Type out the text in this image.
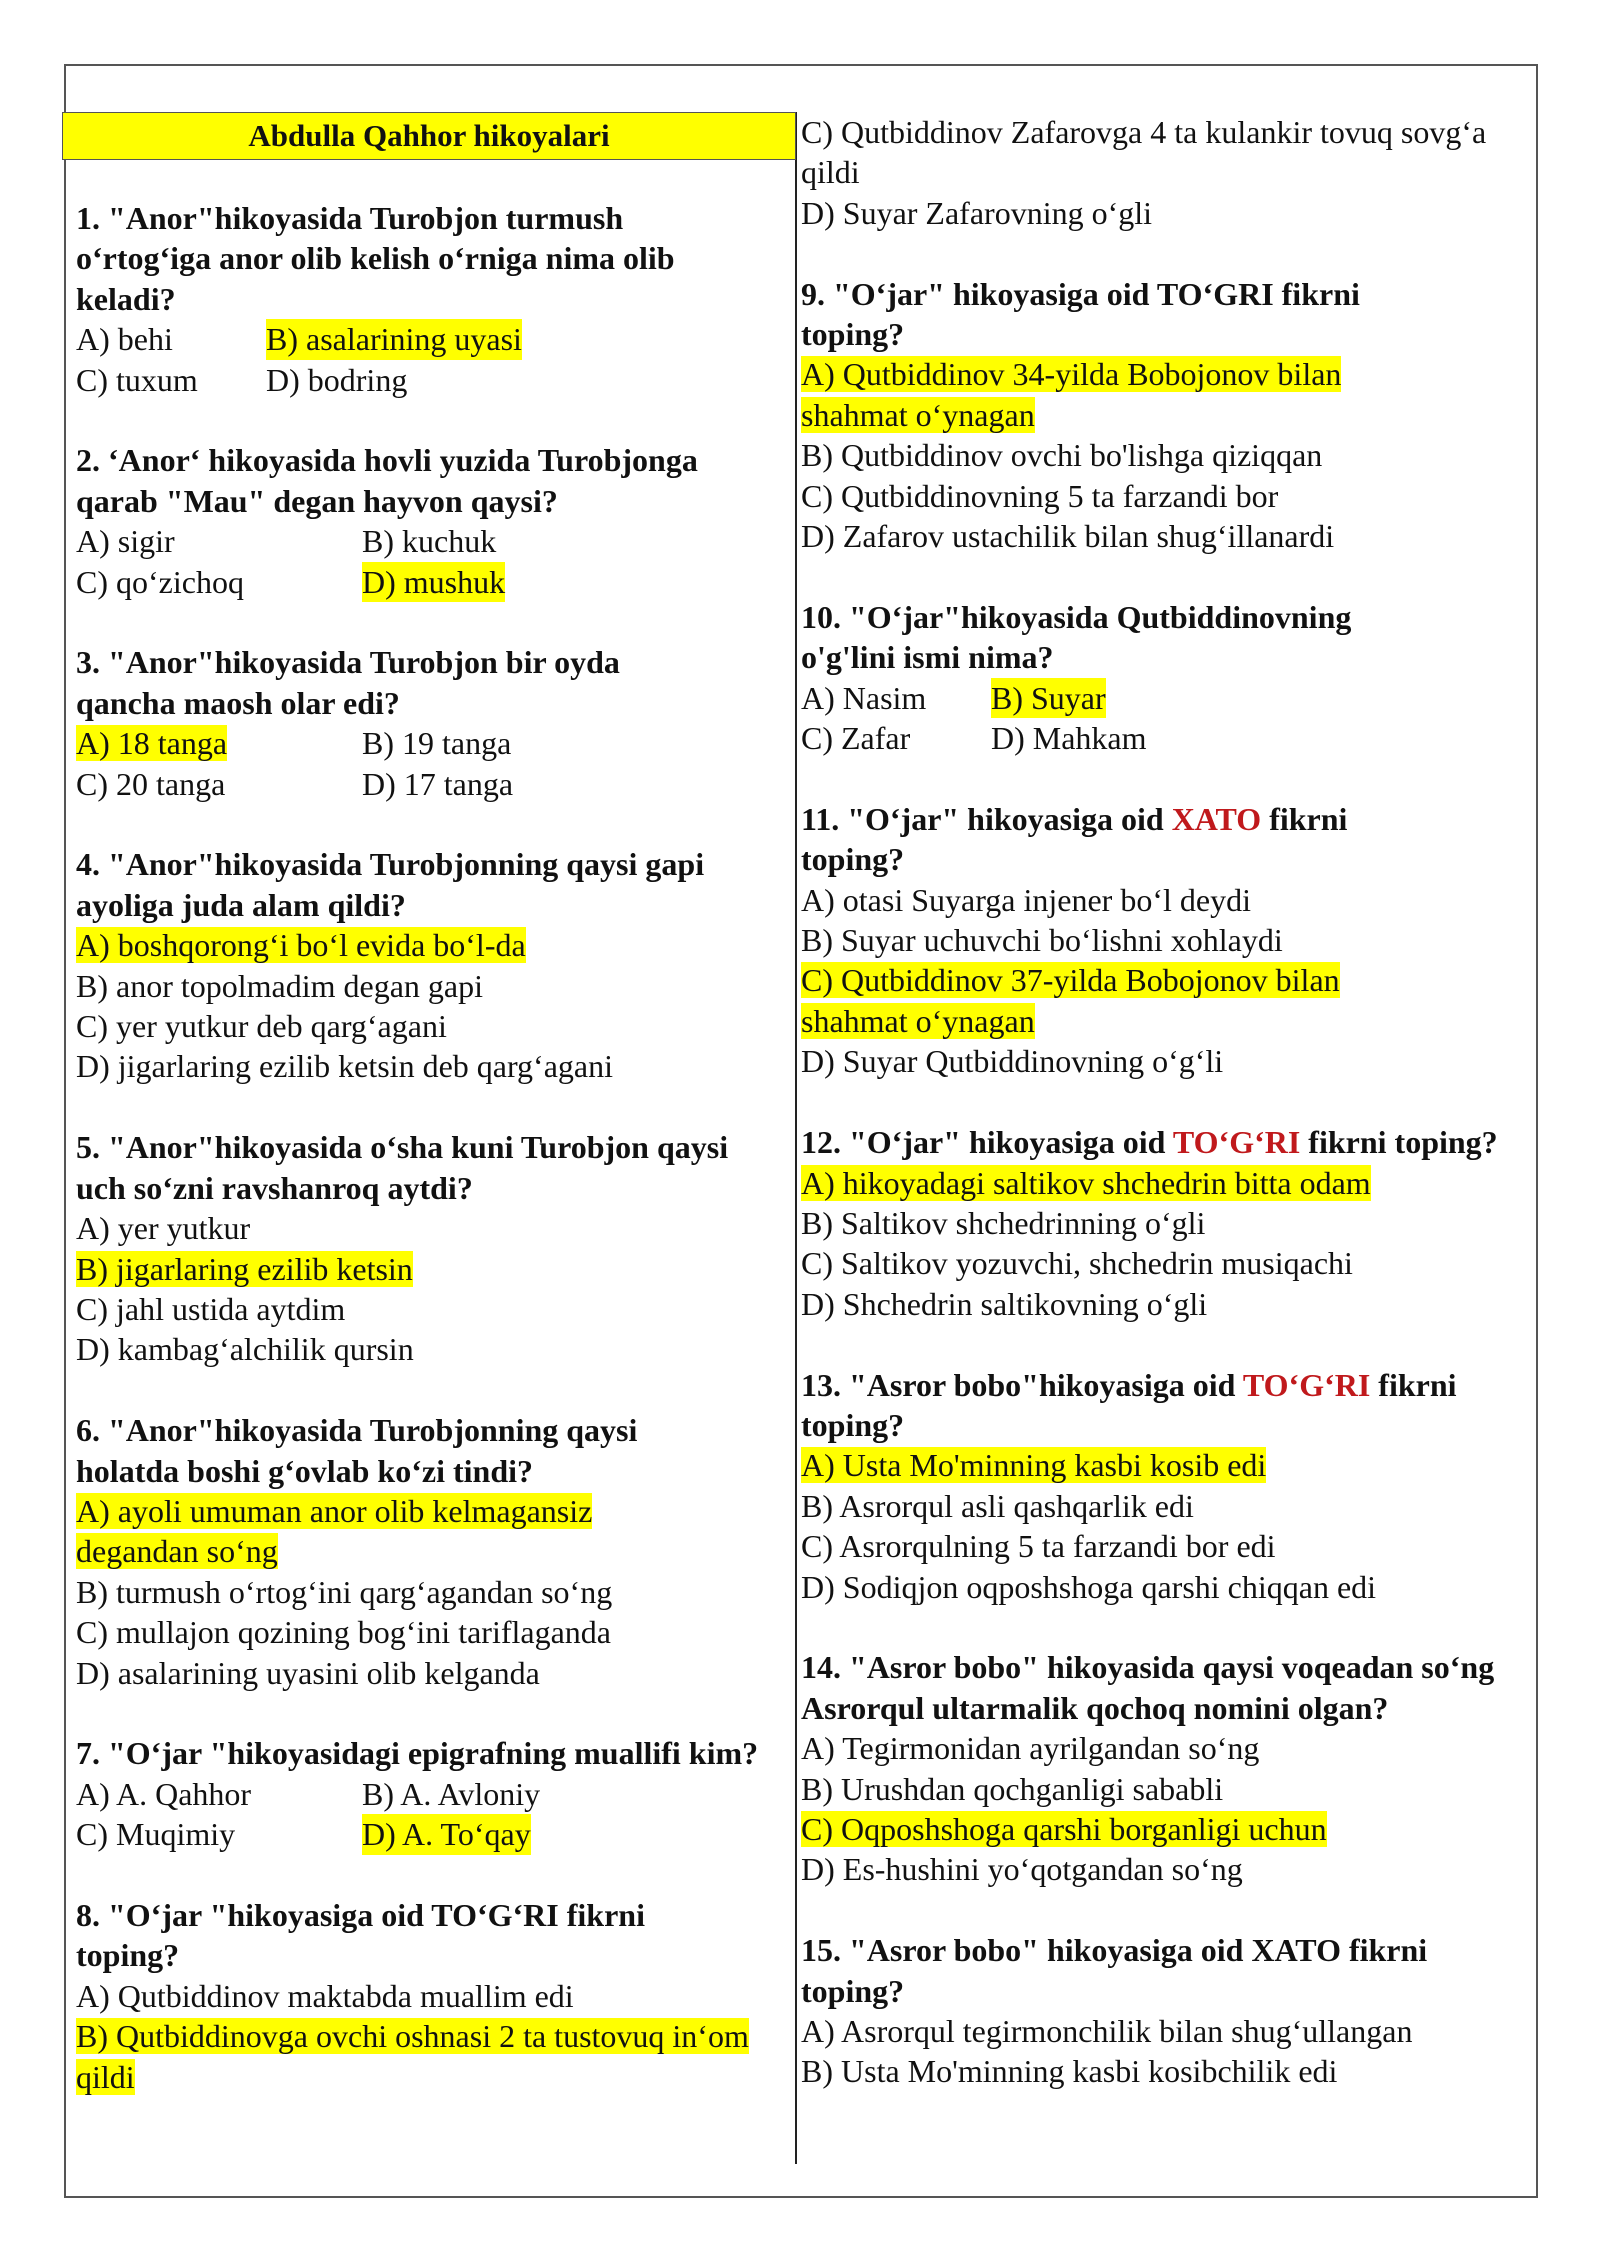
Abdulla Qahhor hikoyalari
1. "Anor"hikoyasida Turobjon turmush o‘rtog‘iga anor olib kelish o‘rniga nima olib keladi?
A) behi	B) asalarining uyasi
C) tuxum D) bodring
2. ‘Anor‘ hikoyasida hovli yuzida Turobjonga qarab "Mau" degan hayvon qaysi?
A) sigir	B) kuchuk
C) qo‘zichoq	D) mushuk
3. "Anor"hikoyasida Turobjon bir oyda qancha maosh olar edi?
A) 18 tanga	B) 19 tanga
C) 20 tanga	D) 17 tanga
4. "Anor"hikoyasida Turobjonning qaysi gapi ayoliga juda alam qildi?
A) boshqorong‘i bo‘l evida bo‘l-da
B) anor topolmadim degan gapi
C) yer yutkur deb qarg‘agani
D) jigarlaring ezilib ketsin deb qarg‘agani
5. "Anor"hikoyasida o‘sha kuni Turobjon qaysi uch so‘zni ravshanroq aytdi?
A) yer yutkur
B) jigarlaring ezilib ketsin
C) jahl ustida aytdim
D) kambag‘alchilik qursin
6. "Anor"hikoyasida Turobjonning qaysi holatda boshi g‘ovlab ko‘zi tindi?
A) ayoli umuman anor olib kelmagansiz degandan so‘ng
B) turmush o‘rtog‘ini qarg‘agandan so‘ng
C) mullajon qozining bog‘ini tariflaganda
D) asalarining uyasini olib kelganda
7. "O‘jar "hikoyasidagi epigrafning muallifi kim?
A) A. Qahhor	B) A. Avloniy
C) Muqimiy	D) A. To‘qay
8. "O‘jar "hikoyasiga oid TO‘G‘RI fikrni toping?
A) Qutbiddinov maktabda muallim edi
B) Qutbiddinovga ovchi oshnasi 2 ta tustovuq in‘om qildi
C) Qutbiddinov Zafarovga 4 ta kulankir tovuq sovg‘a qildi
D) Suyar Zafarovning o‘gli
9. "O‘jar" hikoyasiga oid TO‘GRI fikrni toping?
A) Qutbiddinov 34-yilda Bobojonov bilan shahmat o‘ynagan
B) Qutbiddinov ovchi bo'lishga qiziqqan
C) Qutbiddinovning 5 ta farzandi bor
D) Zafarov ustachilik bilan shug‘illanardi
10. "O‘jar"hikoyasida Qutbiddinovning o'g'lini ismi nima?
A) Nasim B) Suyar
C) Zafar	D) Mahkam
11. "O‘jar" hikoyasiga oid XATO fikrni toping?
A) otasi Suyarga injener bo‘l deydi
B) Suyar uchuvchi bo‘lishni xohlaydi
C) Qutbiddinov 37-yilda Bobojonov bilan shahmat o‘ynagan
D) Suyar Qutbiddinovning o‘g‘li
12. "O‘jar" hikoyasiga oid TO‘G‘RI fikrni toping?
A) hikoyadagi saltikov shchedrin bitta odam
B) Saltikov shchedrinning o‘gli
C) Saltikov yozuvchi, shchedrin musiqachi
D) Shchedrin saltikovning o‘gli
13. "Asror bobo"hikoyasiga oid TO‘G‘RI fikrni toping?
A) Usta Mo'minning kasbi kosib edi
B) Asrorqul asli qashqarlik edi
C) Asrorqulning 5 ta farzandi bor edi
D) Sodiqjon oqposhshoga qarshi chiqqan edi
14. "Asror bobo" hikoyasida qaysi voqeadan so‘ng Asrorqul ultarmalik qochoq nomini olgan?
A) Tegirmonidan ayrilgandan so‘ng
B) Urushdan qochganligi sababli
C) Oqposhshoga qarshi borganligi uchun
D) Es-hushini yo‘qotgandan so‘ng
15. "Asror bobo" hikoyasiga oid XATO fikrni toping?
A) Asrorqul tegirmonchilik bilan shug‘ullangan
B) Usta Mo'minning kasbi kosibchilik edi
